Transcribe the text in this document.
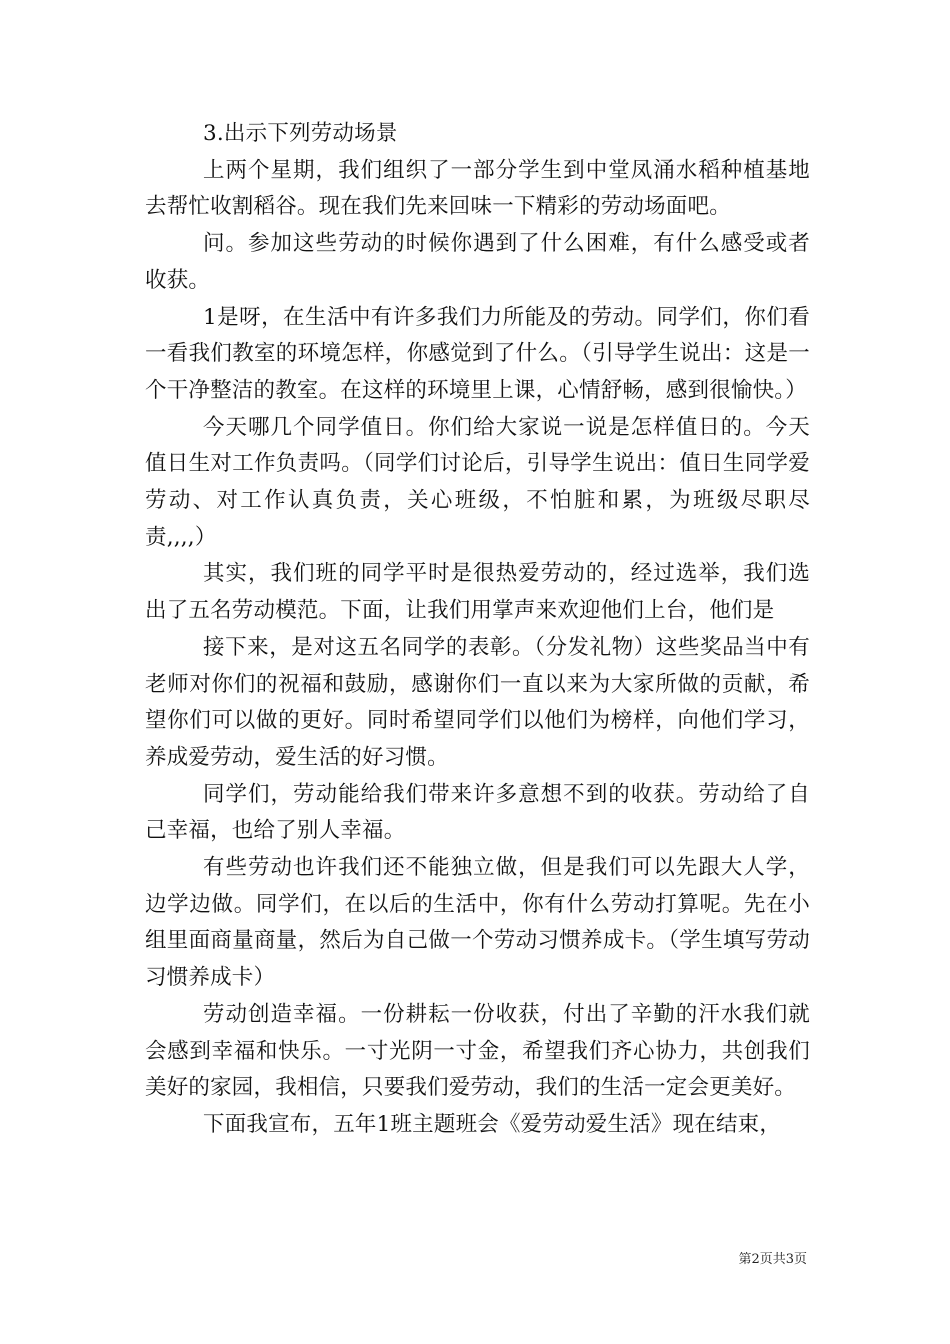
3.出示下列劳动场景

上两个星期，我们组织了一部分学生到中堂凤涌水稻种植基地去帮忙收割稻谷。现在我们先来回味一下精彩的劳动场面吧。

问。参加这些劳动的时候你遇到了什么困难，有什么感受或者收获。

1是呀，在生活中有许多我们力所能及的劳动。同学们，你们看一看我们教室的环境怎样，你感觉到了什么。（引导学生说出：这是一个干净整洁的教室。在这样的环境里上课，心情舒畅，感到很愉快。）

今天哪几个同学值日。你们给大家说一说是怎样值日的。今天值日生对工作负责吗。（同学们讨论后，引导学生说出：值日生同学爱劳动、对工作认真负责，关心班级，不怕脏和累，为班级尽职尽责,,,,）

其实，我们班的同学平时是很热爱劳动的，经过选举，我们选出了五名劳动模范。下面，让我们用掌声来欢迎他们上台，他们是

接下来，是对这五名同学的表彰。（分发礼物）这些奖品当中有老师对你们的祝福和鼓励，感谢你们一直以来为大家所做的贡献，希望你们可以做的更好。同时希望同学们以他们为榜样，向他们学习，养成爱劳动，爱生活的好习惯。

同学们，劳动能给我们带来许多意想不到的收获。劳动给了自己幸福，也给了别人幸福。

有些劳动也许我们还不能独立做，但是我们可以先跟大人学，边学边做。同学们，在以后的生活中，你有什么劳动打算呢。先在小组里面商量商量，然后为自己做一个劳动习惯养成卡。（学生填写劳动习惯养成卡）

劳动创造幸福。一份耕耘一份收获，付出了辛勤的汗水我们就会感到幸福和快乐。一寸光阴一寸金，希望我们齐心协力，共创我们美好的家园，我相信，只要我们爱劳动，我们的生活一定会更美好。

下面我宣布，五年1班主题班会《爱劳动爱生活》现在结束，

第2页共3页
